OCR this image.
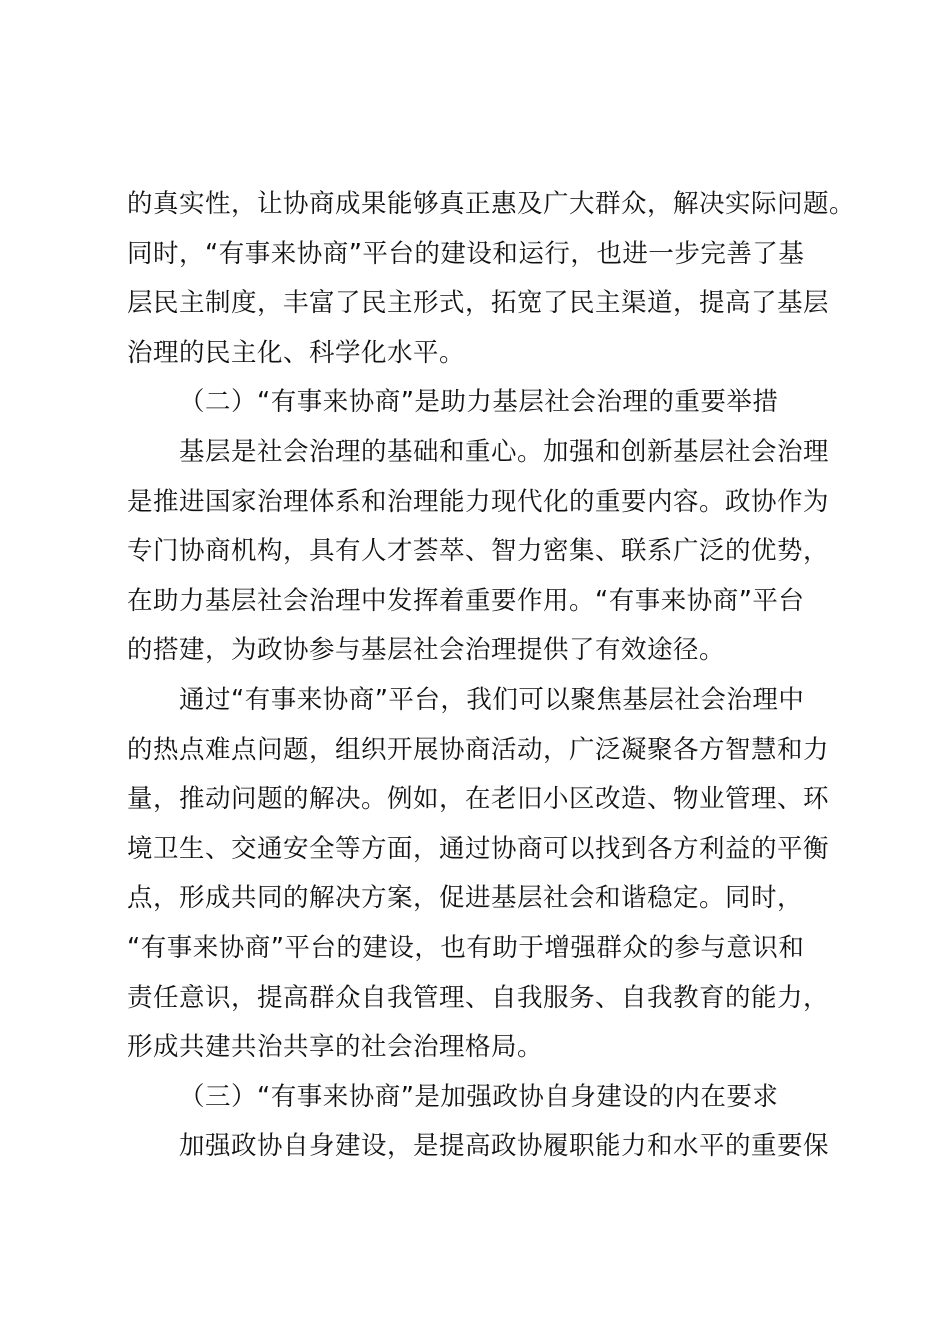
的真实性，让协商成果能够真正惠及广大群众，解决实际问题。
同时，“有事来协商”平台的建设和运行，也进一步完善了基
层民主制度，丰富了民主形式，拓宽了民主渠道，提高了基层
治理的民主化、科学化水平。
（二）“有事来协商”是助力基层社会治理的重要举措
基层是社会治理的基础和重心。加强和创新基层社会治理
是推进国家治理体系和治理能力现代化的重要内容。政协作为
专门协商机构，具有人才荟萃、智力密集、联系广泛的优势，
在助力基层社会治理中发挥着重要作用。“有事来协商”平台
的搭建，为政协参与基层社会治理提供了有效途径。
通过“有事来协商”平台，我们可以聚焦基层社会治理中
的热点难点问题，组织开展协商活动，广泛凝聚各方智慧和力
量，推动问题的解决。例如，在老旧小区改造、物业管理、环
境卫生、交通安全等方面，通过协商可以找到各方利益的平衡
点，形成共同的解决方案，促进基层社会和谐稳定。同时，
“有事来协商”平台的建设，也有助于增强群众的参与意识和
责任意识，提高群众自我管理、自我服务、自我教育的能力，
形成共建共治共享的社会治理格局。
（三）“有事来协商”是加强政协自身建设的内在要求
加强政协自身建设，是提高政协履职能力和水平的重要保
